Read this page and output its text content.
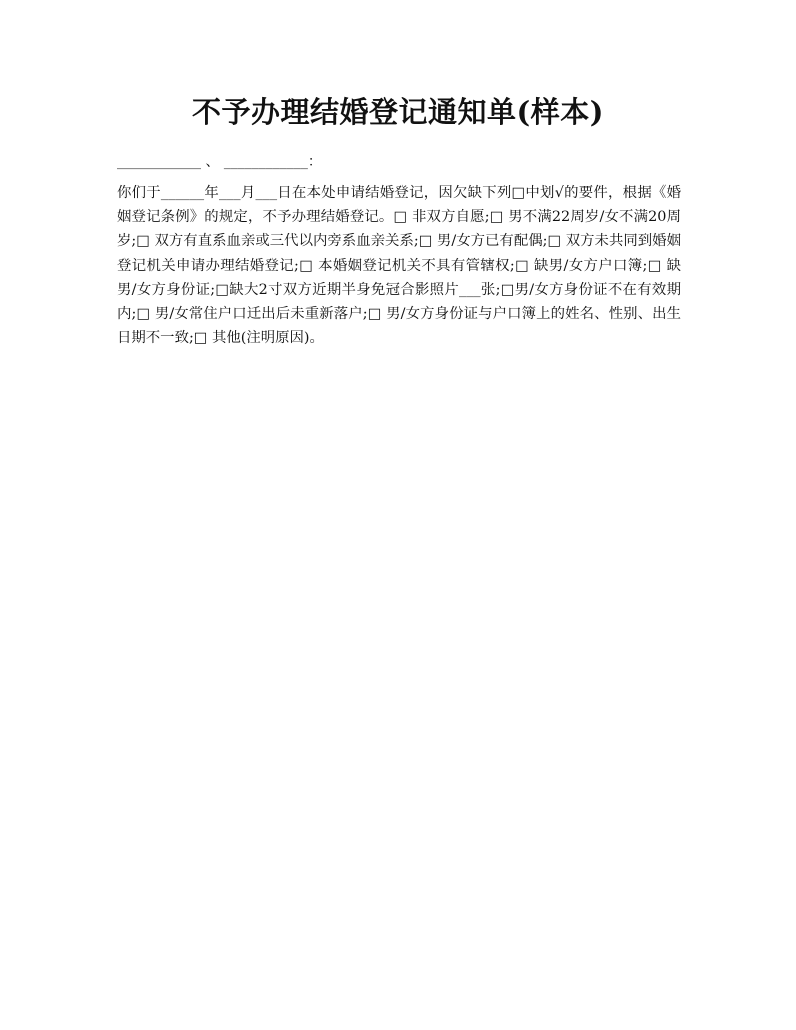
不予办理结婚登记通知单(样本)
____________ 、 ____________：
你们于______年___月___日在本处申请结婚登记，因欠缺下列□中划√的要件，根据《婚姻登记条例》的规定，不予办理结婚登记。□ 非双方自愿;□ 男不满22周岁/女不满20周岁;□ 双方有直系血亲或三代以内旁系血亲关系;□ 男/女方已有配偶;□ 双方未共同到婚姻登记机关申请办理结婚登记;□ 本婚姻登记机关不具有管辖权;□ 缺男/女方户口簿;□ 缺男/女方身份证;□缺大2寸双方近期半身免冠合影照片___张;□男/女方身份证不在有效期内;□ 男/女常住户口迁出后未重新落户;□ 男/女方身份证与户口簿上的姓名、性别、出生日期不一致;□ 其他(注明原因)。
